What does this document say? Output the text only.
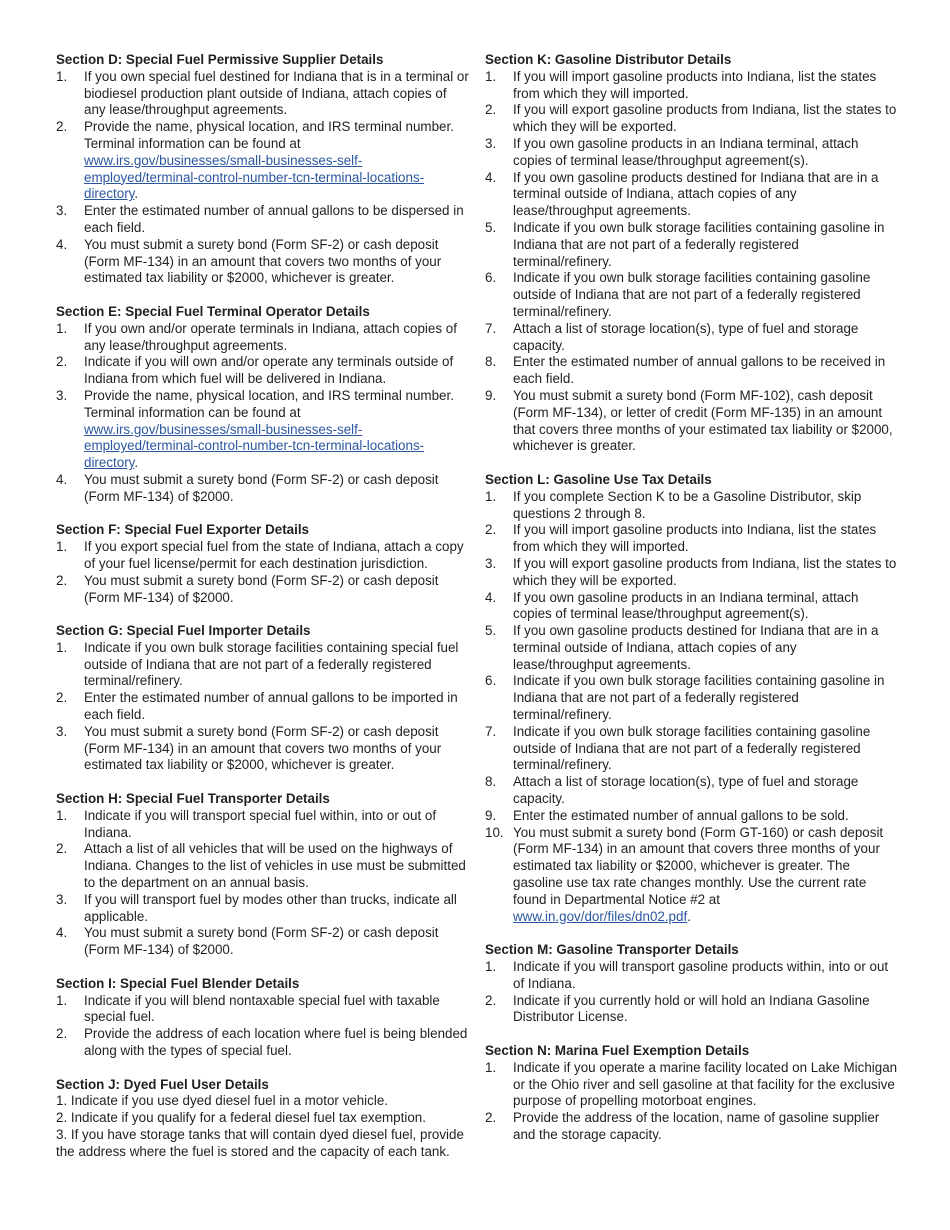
Section D: Special Fuel Permissive Supplier Details
1. If you own special fuel destined for Indiana that is in a terminal or biodiesel production plant outside of Indiana, attach copies of any lease/throughput agreements.
2. Provide the name, physical location, and IRS terminal number. Terminal information can be found at www.irs.gov/businesses/small-businesses-self-employed/terminal-control-number-tcn-terminal-locations-directory.
3. Enter the estimated number of annual gallons to be dispersed in each field.
4. You must submit a surety bond (Form SF-2) or cash deposit (Form MF-134) in an amount that covers two months of your estimated tax liability or $2000, whichever is greater.
Section E: Special Fuel Terminal Operator Details
1. If you own and/or operate terminals in Indiana, attach copies of any lease/throughput agreements.
2. Indicate if you will own and/or operate any terminals outside of Indiana from which fuel will be delivered in Indiana.
3. Provide the name, physical location, and IRS terminal number. Terminal information can be found at www.irs.gov/businesses/small-businesses-self-employed/terminal-control-number-tcn-terminal-locations-directory.
4. You must submit a surety bond (Form SF-2) or cash deposit (Form MF-134) of $2000.
Section F: Special Fuel Exporter Details
1. If you export special fuel from the state of Indiana, attach a copy of your fuel license/permit for each destination jurisdiction.
2. You must submit a surety bond (Form SF-2) or cash deposit (Form MF-134) of $2000.
Section G: Special Fuel Importer Details
1. Indicate if you own bulk storage facilities containing special fuel outside of Indiana that are not part of a federally registered terminal/refinery.
2. Enter the estimated number of annual gallons to be imported in each field.
3. You must submit a surety bond (Form SF-2) or cash deposit (Form MF-134) in an amount that covers two months of your estimated tax liability or $2000, whichever is greater.
Section H: Special Fuel Transporter Details
1. Indicate if you will transport special fuel within, into or out of Indiana.
2. Attach a list of all vehicles that will be used on the highways of Indiana. Changes to the list of vehicles in use must be submitted to the department on an annual basis.
3. If you will transport fuel by modes other than trucks, indicate all applicable.
4. You must submit a surety bond (Form SF-2) or cash deposit (Form MF-134) of $2000.
Section I: Special Fuel Blender Details
1. Indicate if you will blend nontaxable special fuel with taxable special fuel.
2. Provide the address of each location where fuel is being blended along with the types of special fuel.
Section J: Dyed Fuel User Details

1. Indicate if you use dyed diesel fuel in a motor vehicle.

2. Indicate if you qualify for a federal diesel fuel tax exemption.

3. If you have storage tanks that will contain dyed diesel fuel, provide the address where the fuel is stored and the capacity of each tank.

Section K: Gasoline Distributor Details
1. If you will import gasoline products into Indiana, list the states from which they will imported.
2. If you will export gasoline products from Indiana, list the states to which they will be exported.
3. If you own gasoline products in an Indiana terminal, attach copies of terminal lease/throughput agreement(s).
4. If you own gasoline products destined for Indiana that are in a terminal outside of Indiana, attach copies of any lease/throughput agreements.
5. Indicate if you own bulk storage facilities containing gasoline in Indiana that are not part of a federally registered terminal/refinery.
6. Indicate if you own bulk storage facilities containing gasoline outside of Indiana that are not part of a federally registered terminal/refinery.
7. Attach a list of storage location(s), type of fuel and storage capacity.
8. Enter the estimated number of annual gallons to be received in each field.
9. You must submit a surety bond (Form MF-102), cash deposit (Form MF-134), or letter of credit (Form MF-135) in an amount that covers three months of your estimated tax liability or $2000, whichever is greater.
Section L: Gasoline Use Tax Details
1. If you complete Section K to be a Gasoline Distributor, skip questions 2 through 8.
2. If you will import gasoline products into Indiana, list the states from which they will imported.
3. If you will export gasoline products from Indiana, list the states to which they will be exported.
4. If you own gasoline products in an Indiana terminal, attach copies of terminal lease/throughput agreement(s).
5. If you own gasoline products destined for Indiana that are in a terminal outside of Indiana, attach copies of any lease/throughput agreements.
6. Indicate if you own bulk storage facilities containing gasoline in Indiana that are not part of a federally registered terminal/refinery.
7. Indicate if you own bulk storage facilities containing gasoline outside of Indiana that are not part of a federally registered terminal/refinery.
8. Attach a list of storage location(s), type of fuel and storage capacity.
9. Enter the estimated number of annual gallons to be sold.
10. You must submit a surety bond (Form GT-160) or cash deposit (Form MF-134) in an amount that covers three months of your estimated tax liability or $2000, whichever is greater. The gasoline use tax rate changes monthly. Use the current rate found in Departmental Notice #2 at www.in.gov/dor/files/dn02.pdf.
Section M: Gasoline Transporter Details
1. Indicate if you will transport gasoline products within, into or out of Indiana.
2. Indicate if you currently hold or will hold an Indiana Gasoline Distributor License.
Section N: Marina Fuel Exemption Details
1. Indicate if you operate a marine facility located on Lake Michigan or the Ohio river and sell gasoline at that facility for the exclusive purpose of propelling motorboat engines.
2. Provide the address of the location, name of gasoline supplier and the storage capacity.
